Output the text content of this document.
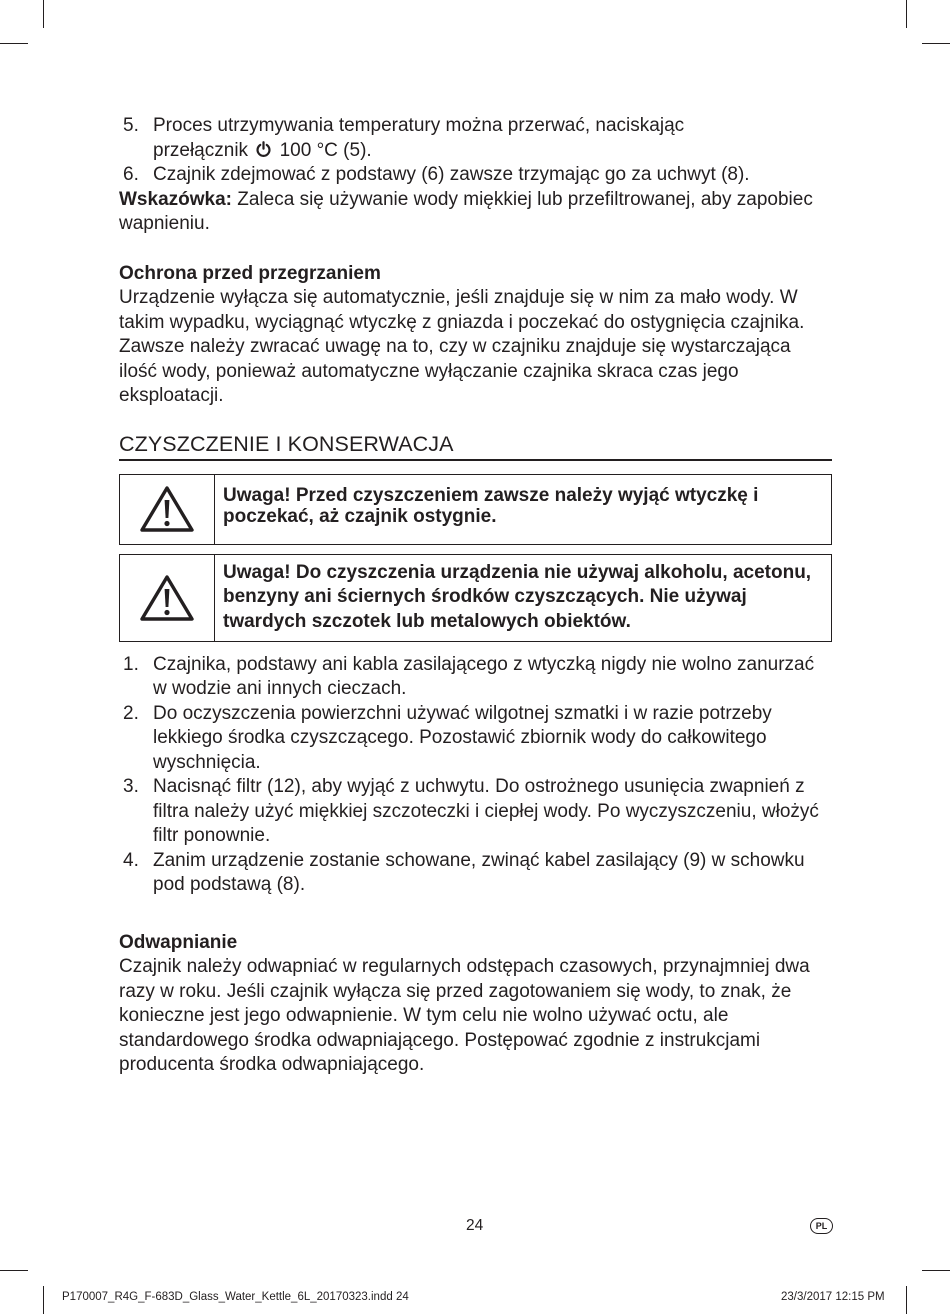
5. Proces utrzymywania temperatury można przerwać, naciskając
przełącznik 100 °C (5).
6. Czajnik zdejmować z podstawy (6) zawsze trzymając go za uchwyt (8).

Wskazówka: Zaleca się używanie wody miękkiej lub przefiltrowanej, aby zapobiec wapnieniu.

Ochrona przed przegrzaniem

Urządzenie wyłącza się automatycznie, jeśli znajduje się w nim za mało wody. W takim wypadku, wyciągnąć wtyczkę z gniazda i poczekać do ostygnięcia czajnika.

Zawsze należy zwracać uwagę na to, czy w czajniku znajduje się wystarczająca ilość wody, ponieważ automatyczne wyłączanie czajnika skraca czas jego eksploatacji.

CZYSZCZENIE I KONSERWACJA
Uwaga! Przed czyszczeniem zawsze należy wyjąć wtyczkę i poczekać, aż czajnik ostygnie.
Uwaga! Do czyszczenia urządzenia nie używaj alkoholu, acetonu, benzyny ani ściernych środków czyszczących. Nie używaj twardych szczotek lub metalowych obiektów.
1. Czajnika, podstawy ani kabla zasilającego z wtyczką nigdy nie wolno zanurzać w wodzie ani innych cieczach.
2. Do oczyszczenia powierzchni używać wilgotnej szmatki i w razie potrzeby lekkiego środka czyszczącego. Pozostawić zbiornik wody do całkowitego wyschnięcia.
3. Nacisnąć filtr (12), aby wyjąć z uchwytu. Do ostrożnego usunięcia zwapnień z filtra należy użyć miękkiej szczoteczki i ciepłej wody. Po wyczyszczeniu, włożyć filtr ponownie.
4. Zanim urządzenie zostanie schowane, zwinąć kabel zasilający (9) w schowku pod podstawą (8).
Odwapnianie

Czajnik należy odwapniać w regularnych odstępach czasowych, przynajmniej dwa razy w roku. Jeśli czajnik wyłącza się przed zagotowaniem się wody, to znak, że konieczne jest jego odwapnienie. W tym celu nie wolno używać octu, ale standardowego środka odwapniającego. Postępować zgodnie z instrukcjami producenta środka odwapniającego.

24	PL
P170007_R4G_F-683D_Glass_Water_Kettle_6L_20170323.indd 24	23/3/2017 12:15 PM
